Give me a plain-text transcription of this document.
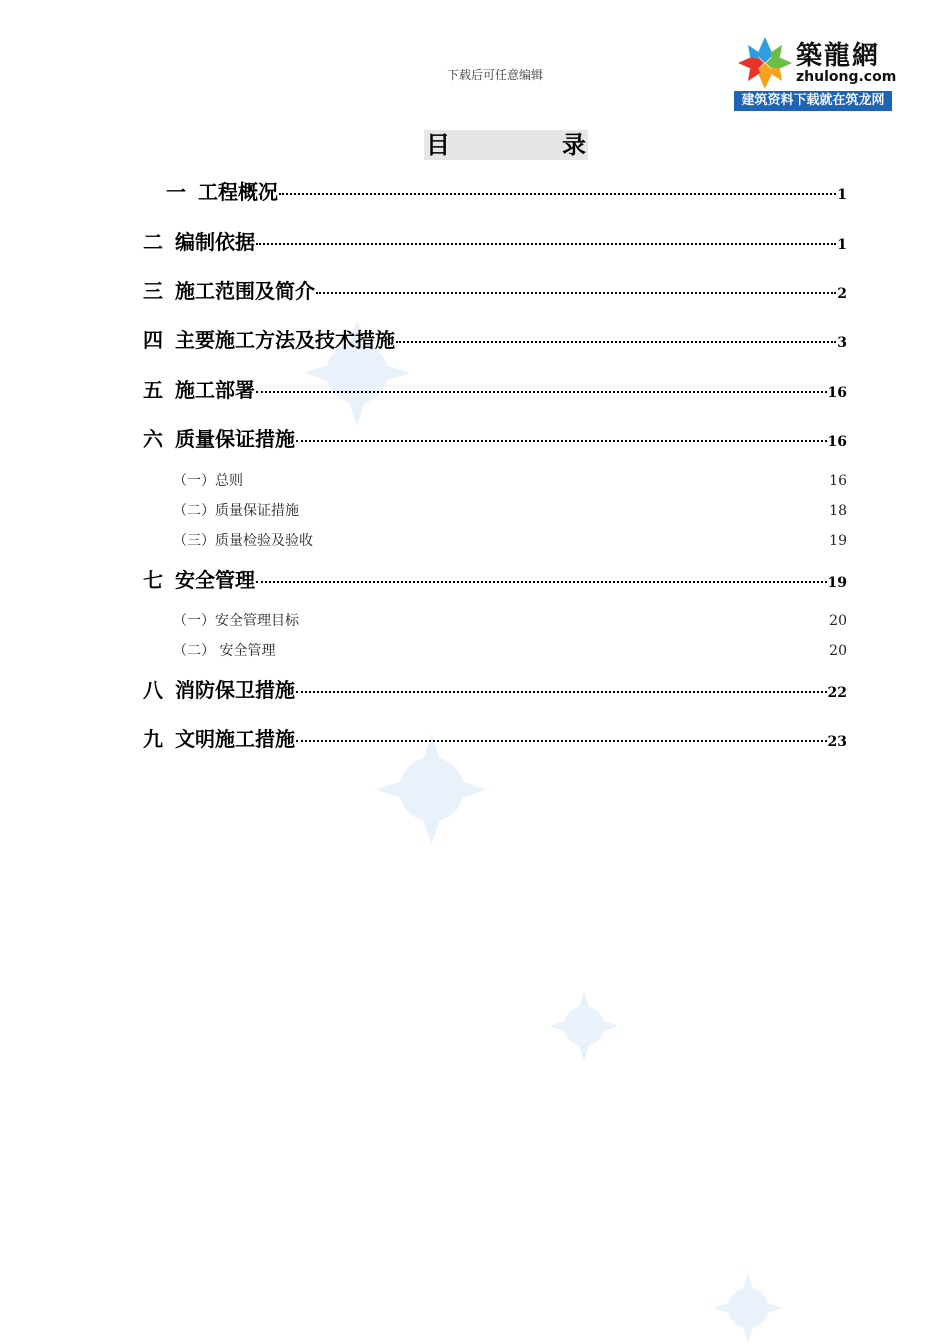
下载后可任意编辑
築龍網
zhulong.com
建筑资料下载就在筑龙网
目	录
一 工程概况	1
二 编制依据	1
三 施工范围及简介	2
四 主要施工方法及技术措施	3
五 施工部署	16
六 质量保证措施	16
（一）总则	16
（二）质量保证措施	18
（三）质量检验及验收	19
七 安全管理	19
（一）安全管理目标	20
（二） 安全管理	20
八 消防保卫措施	22
九 文明施工措施	23
